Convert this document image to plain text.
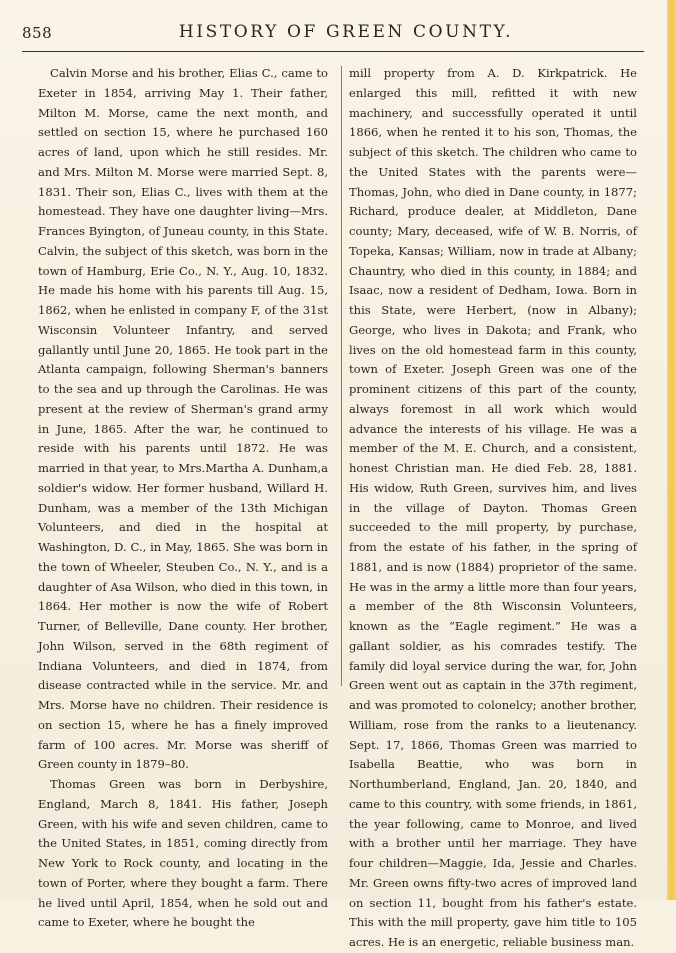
858	HISTORY OF GREEN COUNTY.

Calvin Morse and his brother, Elias C., came to Exeter in 1854, arriving May 1. Their father, Milton M. Morse, came the next month, and settled on section 15, where he purchased 160 acres of land, upon which he still resides. Mr. and Mrs. Milton M. Morse were married Sept. 8, 1831. Their son, Elias C., lives with them at the homestead. They have one daughter living—Mrs. Frances Byington, of Juneau county, in this State. Calvin, the subject of this sketch, was born in the town of Hamburg, Erie Co., N. Y., Aug. 10, 1832. He made his home with his parents till Aug. 15, 1862, when he enlisted in company F, of the 31st Wisconsin Volunteer Infantry, and served gallantly until June 20, 1865. He took part in the Atlanta campaign, following Sherman's banners to the sea and up through the Carolinas. He was present at the review of Sherman's grand army in June, 1865. After the war, he continued to reside with his parents until 1872. He was married in that year, to Mrs.Martha A. Dunham,a soldier's widow. Her former husband, Willard H. Dunham, was a member of the 13th Michigan Volunteers, and died in the hospital at Washington, D. C., in May, 1865. She was born in the town of Wheeler, Steuben Co., N. Y., and is a daughter of Asa Wilson, who died in this town, in 1864. Her mother is now the wife of Robert Turner, of Belleville, Dane county. Her brother, John Wilson, served in the 68th regiment of Indiana Volunteers, and died in 1874, from disease contracted while in the service. Mr. and Mrs. Morse have no children. Their residence is on section 15, where he has a finely improved farm of 100 acres. Mr. Morse was sheriff of Green county in 1879–80.

Thomas Green was born in Derbyshire, England, March 8, 1841. His father, Joseph Green, with his wife and seven children, came to the United States, in 1851, coming directly from New York to Rock county, and locating in the town of Porter, where they bought a farm. There he lived until April, 1854, when he sold out and came to Exeter, where he bought the

mill property from A. D. Kirkpatrick. He enlarged this mill, refitted it with new machinery, and successfully operated it until 1866, when he rented it to his son, Thomas, the subject of this sketch. The children who came to the United States with the parents were—Thomas, John, who died in Dane county, in 1877; Richard, produce dealer, at Middleton, Dane county; Mary, deceased, wife of W. B. Norris, of Topeka, Kansas; William, now in trade at Albany; Chauntry, who died in this county, in 1884; and Isaac, now a resident of Dedham, Iowa. Born in this State, were Herbert, (now in Albany); George, who lives in Dakota; and Frank, who lives on the old homestead farm in this county, town of Exeter. Joseph Green was one of the prominent citizens of this part of the county, always foremost in all work which would advance the interests of his village. He was a member of the M. E. Church, and a consistent, honest Christian man. He died Feb. 28, 1881. His widow, Ruth Green, survives him, and lives in the village of Dayton. Thomas Green succeeded to the mill property, by purchase, from the estate of his father, in the spring of 1881, and is now (1884) proprietor of the same. He was in the army a little more than four years, a member of the 8th Wisconsin Volunteers, known as the “Eagle regiment.” He was a gallant soldier, as his comrades testify. The family did loyal service during the war, for, John Green went out as captain in the 37th regiment, and was promoted to colonelcy; another brother, William, rose from the ranks to a lieutenancy. Sept. 17, 1866, Thomas Green was married to Isabella Beattie, who was born in Northumberland, England, Jan. 20, 1840, and came to this country, with some friends, in 1861, the year following, came to Monroe, and lived with a brother until her marriage. They have four children—Maggie, Ida, Jessie and Charles. Mr. Green owns fifty-two acres of improved land on section 11, bought from his father's estate. This with the mill property, gave him title to 105 acres. He is an energetic, reliable business man.
